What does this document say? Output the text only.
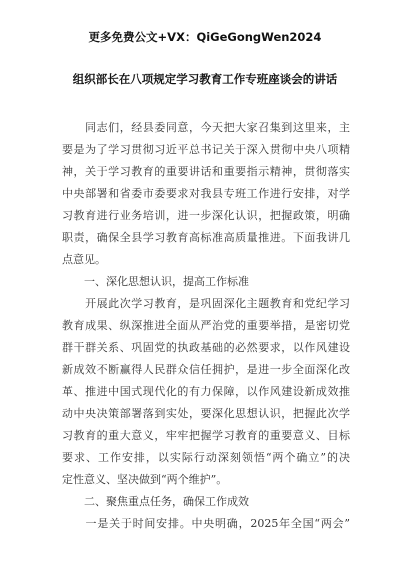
更多免费公文+VX：QiGeGongWen2024
组织部长在八项规定学习教育工作专班座谈会的讲话
　　同志们，经县委同意，今天把大家召集到这里来，主
要是为了学习贯彻习近平总书记关于深入贯彻中央八项精
神，关于学习教育的重要讲话和重要指示精神，贯彻落实
中央部署和省委市委要求对我县专班工作进行安排，对学
习教育进行业务培训，进一步深化认识，把握政策，明确
职责，确保全县学习教育高标准高质量推进。下面我讲几
点意见。
　　一、深化思想认识，提高工作标准
　　开展此次学习教育，是巩固深化主题教育和党纪学习
教育成果、纵深推进全面从严治党的重要举措，是密切党
群干群关系、巩固党的执政基础的必然要求，以作风建设
新成效不断赢得人民群众信任拥护，是进一步全面深化改
革、推进中国式现代化的有力保障，以作风建设新成效推
动中央决策部署落到实处，要深化思想认识，把握此次学
习教育的重大意义，牢牢把握学习教育的重要意义、目标
要求、工作安排，以实际行动深刻领悟“两个确立”的决
定性意义、坚决做到“两个维护”。
　　二、聚焦重点任务，确保工作成效
　　一是关于时间安排。中央明确，2025年全国“两会”
